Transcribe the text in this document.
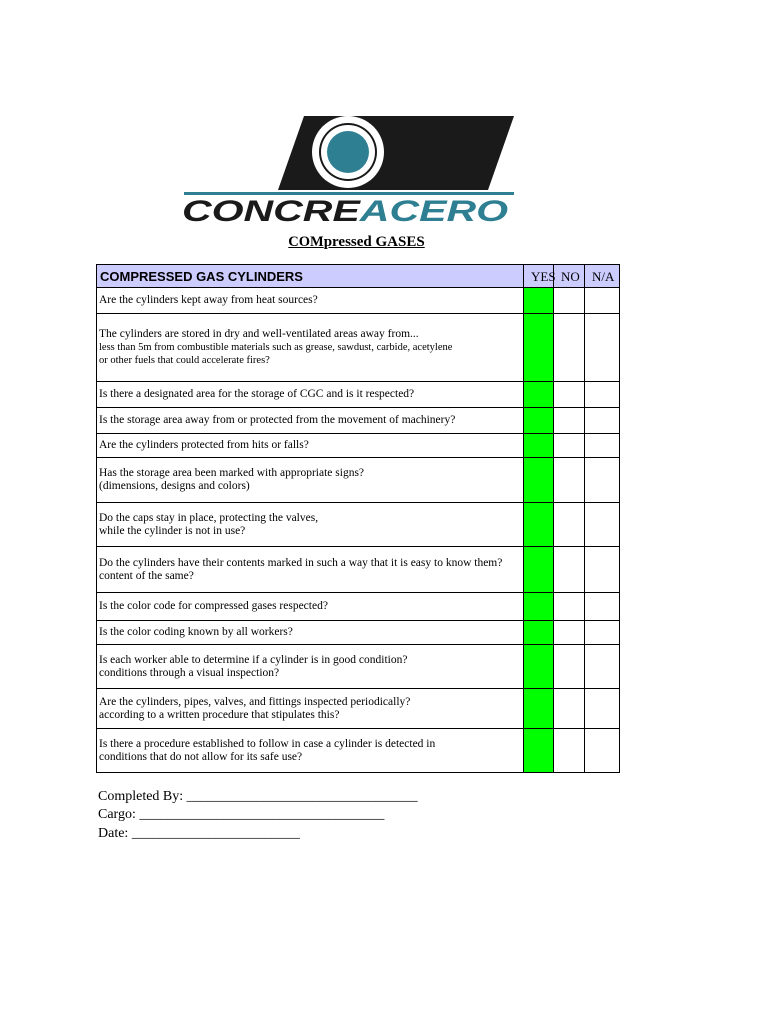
CONCRE ACERO
COMpressed GASES
COMPRESSED GAS CYLINDERS	YES	NO	N/A

Are the cylinders kept away from heat sources?			

The cylinders are stored in dry and well-ventilated areas away from...
less than 5m from combustible materials such as grease, sawdust, carbide, acetylene
or other fuels that could accelerate fires?			

Is there a designated area for the storage of CGC and is it respected?			

Is the storage area away from or protected from the movement of machinery?			

Are the cylinders protected from hits or falls?			

Has the storage area been marked with appropriate signs?
(dimensions, designs and colors)			

Do the caps stay in place, protecting the valves,
while the cylinder is not in use?			

Do the cylinders have their contents marked in such a way that it is easy to know them?
content of the same?			

Is the color code for compressed gases respected?			

Is the color coding known by all workers?			

Is each worker able to determine if a cylinder is in good condition?
conditions through a visual inspection?			

Are the cylinders, pipes, valves, and fittings inspected periodically?
according to a written procedure that stipulates this?			

Is there a procedure established to follow in case a cylinder is detected in
conditions that do not allow for its safe use?			

Completed By: _________________________________
Cargo: ___________________________________
Date: ________________________
